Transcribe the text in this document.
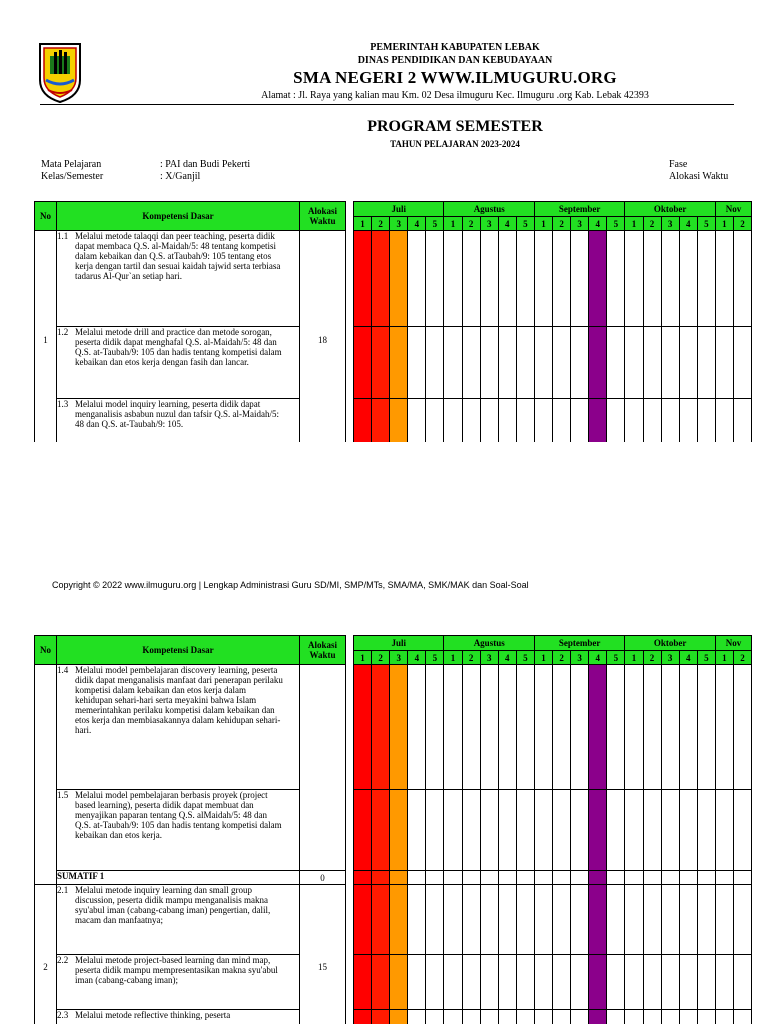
PEMERINTAH KABUPATEN LEBAK
DINAS PENDIDIKAN DAN KEBUDAYAAN
SMA NEGERI 2 WWW.ILMUGURU.ORG
Alamat : Jl. Raya yang kalian mau Km. 02 Desa ilmuguru Kec. Ilmuguru .org Kab. Lebak 42393
PROGRAM SEMESTER
TAHUN PELAJARAN 2023-2024
Mata Pelajaran	: PAI dan Budi Pekerti
Kelas/Semester	: X/Ganjil
Fase
Alokasi Waktu
No	Kompetensi Dasar	Alokasi Waktu		Juli					Agustus					September					Oktober					Nov	
				1	2	3	4	5	1	2	3	4	5	1	2	3	4	5	1	2	3	4	5	1	2
1	1.1 Melalui metode talaqqi dan peer teaching, peserta didik dapat membaca Q.S. al-Maidah/5: 48 tentang kompetisi dalam kebaikan dan Q.S. atTaubah/9: 105 tentang etos kerja dengan tartil dan sesuai kaidah tajwid serta terbiasa tadarus Al-Qur`an setiap hari.	18																							
	1.2 Melalui metode drill and practice dan metode sorogan, peserta didik dapat menghafal Q.S. al-Maidah/5: 48 dan Q.S. at-Taubah/9: 105 dan hadis tentang kompetisi dalam kebaikan dan etos kerja dengan fasih dan lancar.																								
	1.3 Melalui model inquiry learning, peserta didik dapat menganalisis asbabun nuzul dan tafsir Q.S. al-Maidah/5: 48 dan Q.S. at-Taubah/9: 105.																								
Copyright © 2022 www.ilmuguru.org | Lengkap Administrasi Guru SD/MI, SMP/MTs, SMA/MA, SMK/MAK dan Soal-Soal
No	Kompetensi Dasar	Alokasi Waktu		Juli					Agustus					September					Oktober					Nov	
				1	2	3	4	5	1	2	3	4	5	1	2	3	4	5	1	2	3	4	5	1	2
	1.4 Melalui model pembelajaran discovery learning, peserta didik dapat menganalisis manfaat dari penerapan perilaku kompetisi dalam kebaikan dan etos kerja dalam kehidupan sehari-hari serta meyakini bahwa Islam memerintahkan perilaku kompetisi dalam kebaikan dan etos kerja dan membiasakannya dalam kehidupan sehari-hari.																								
	1.5 Melalui model pembelajaran berbasis proyek (project based learning), peserta didik dapat membuat dan menyajikan paparan tentang Q.S. alMaidah/5: 48 dan Q.S. at-Taubah/9: 105 dan hadis tentang kompetisi dalam kebaikan dan etos kerja.																								
	SUMATIF 1	0																							
2	2.1 Melalui metode inquiry learning dan small group discussion, peserta didik mampu menganalisis makna syu'abul iman (cabang-cabang iman) pengertian, dalil, macam dan manfaatnya;	15																							
	2.2 Melalui metode project-based learning dan mind map, peserta didik mampu mempresentasikan makna syu'abul iman (cabang-cabang iman);																								
	2.3 Melalui metode reflective thinking, peserta																								
